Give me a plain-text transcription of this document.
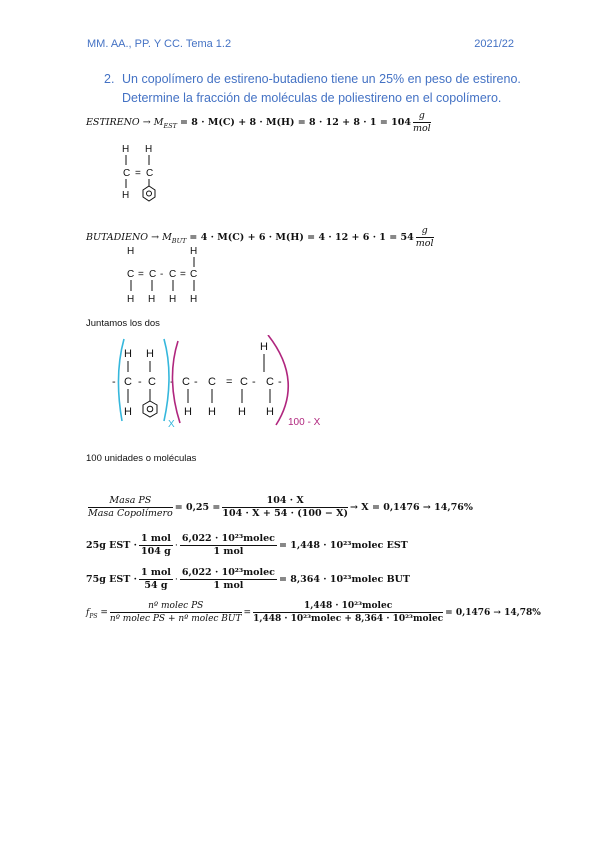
MM. AA., PP. Y CC. Tema 1.2	2021/22
2. Un copolímero de estireno-butadieno tiene un 25% en peso de estireno.
Determine la fracción de moléculas de poliestireno en el copolímero.
ESTIRENO → $M_{EST} = 8 \cdot M(C) + 8 \cdot M(H) = 8 \cdot 12 + 8 \cdot 1 = 104$
g
mol
H H
C = C
H
BUTADIENO → $M_{BUT} = 4 \cdot M(C) + 6 \cdot M(H) = 4 \cdot 12 + 6 \cdot 1 = 54$
g
mol
H	H
C = C - C = C
H H H H
Juntamos los dos
H H
H
- C - C - C - C = C - C -
H	H H H H
X	100 - X
100 unidades o moléculas
Masa PS
Masa Copolímero
= $0,25 = \frac{104 \cdot X}{104 \cdot X + 54 \cdot (100 - X)} \to X = 0,1476 \to 14,76\%$
25g EST ·
1 mol
104 g
·
6,022 · 10²³molec
1 mol
= 1,448 · 10²³molec EST
75g EST ·
1 mol
54 g
·
6,022 · 10²³molec
1 mol
= 8,364 · 10²³molec BUT
$f_{PS}$ =
nº molec PS
nº molec PS + nº molec BUT
=
1,448 · 10²³molec
1,448 · 10²³molec + 8,364 · 10²³molec
= 0,1476 → 14,78%
